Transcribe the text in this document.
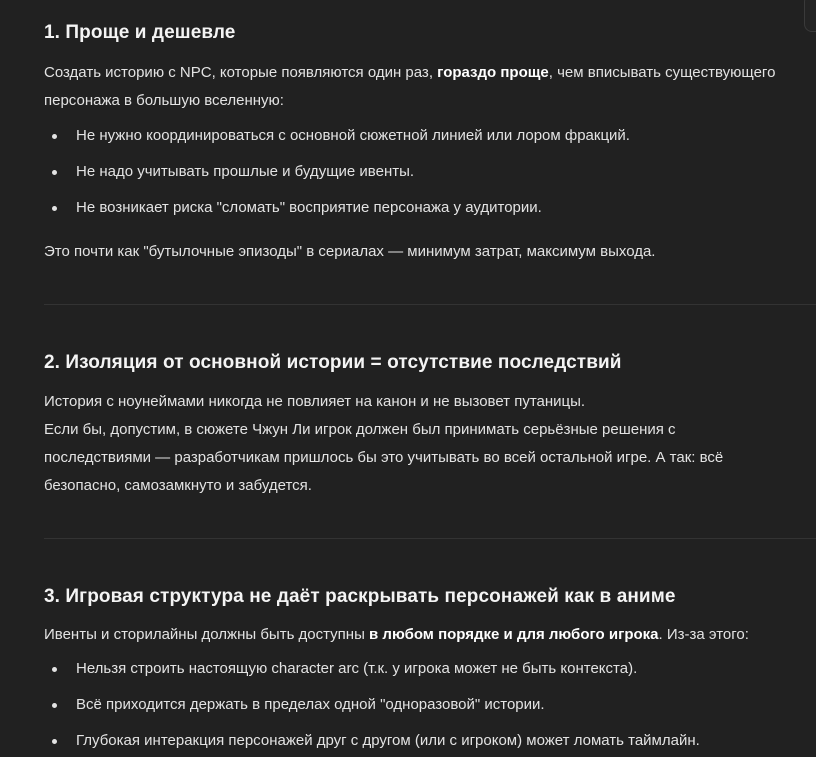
1. Проще и дешевле

Создать историю с NPC, которые появляются один раз, гораздо проще, чем вписывать существующего

персонажа в большую вселенную:

Не нужно координироваться с основной сюжетной линией или лором фракций.
Не надо учитывать прошлые и будущие ивенты.
Не возникает риска "сломать" восприятие персонажа у аудитории.

Это почти как "бутылочные эпизоды" в сериалах — минимум затрат, максимум выхода.

2. Изоляция от основной истории = отсутствие последствий

История с ноунеймами никогда не повлияет на канон и не вызовет путаницы.

Если бы, допустим, в сюжете Чжун Ли игрок должен был принимать серьёзные решения с

последствиями — разработчикам пришлось бы это учитывать во всей остальной игре. А так: всё

безопасно, самозамкнуто и забудется.

3. Игровая структура не даёт раскрывать персонажей как в аниме

Ивенты и сторилайны должны быть доступны в любом порядке и для любого игрока. Из-за этого:

Нельзя строить настоящую character arc (т.к. у игрока может не быть контекста).
Всё приходится держать в пределах одной "одноразовой" истории.
Глубокая интеракция персонажей друг с другом (или с игроком) может ломать таймлайн.
